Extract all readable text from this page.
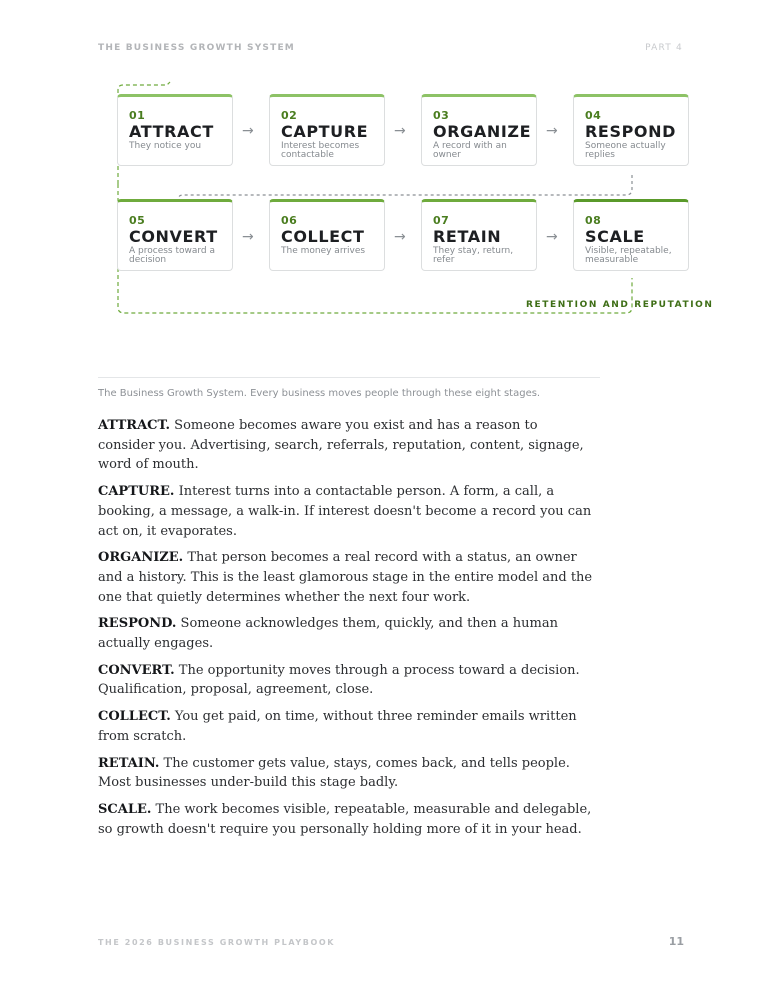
THE BUSINESS GROWTH SYSTEM	PART 4
01
ATTRACT
They notice you
→
02
CAPTURE
Interest becomes contactable
→
03
ORGANIZE
A record with an owner
→
04
RESPOND
Someone actually replies
05
CONVERT
A process toward a decision
→
06
COLLECT
The money arrives
→
07
RETAIN
They stay, return, refer
→
08
SCALE
Visible, repeatable, measurable
RETENTION AND REPUTATION
The Business Growth System. Every business moves people through these eight stages.

ATTRACT. Someone becomes aware you exist and has a reason to consider you. Advertising, search, referrals, reputation, content, signage, word of mouth.

CAPTURE. Interest turns into a contactable person. A form, a call, a booking, a message, a walk-in. If interest doesn't become a record you can act on, it evaporates.

ORGANIZE. That person becomes a real record with a status, an owner and a history. This is the least glamorous stage in the entire model and the one that quietly determines whether the next four work.

RESPOND. Someone acknowledges them, quickly, and then a human actually engages.

CONVERT. The opportunity moves through a process toward a decision. Qualification, proposal, agreement, close.

COLLECT. You get paid, on time, without three reminder emails written from scratch.

RETAIN. The customer gets value, stays, comes back, and tells people. Most businesses under-build this stage badly.

SCALE. The work becomes visible, repeatable, measurable and delegable, so growth doesn't require you personally holding more of it in your head.

THE 2026 BUSINESS GROWTH PLAYBOOK	11
